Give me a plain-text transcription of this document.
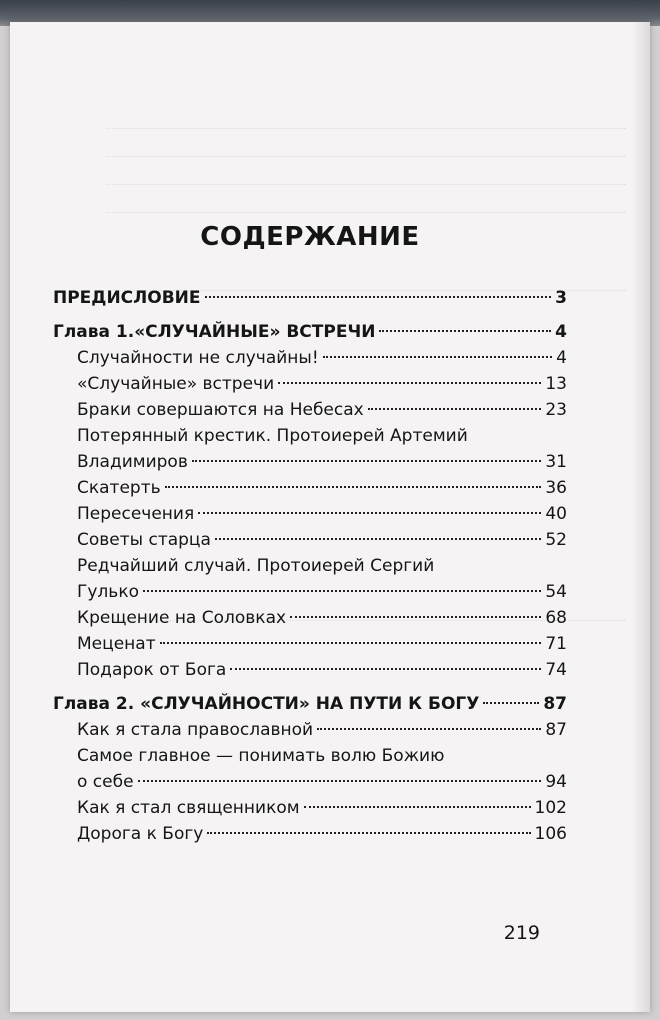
СОДЕРЖАНИЕ
ПРЕДИСЛОВИЕ	3
Глава 1.«СЛУЧАЙНЫЕ» ВСТРЕЧИ	4
Случайности не случайны!	4
«Случайные» встречи	13
Браки совершаются на Небесах	23
Потерянный крестик. Протоиерей Артемий
Владимиров	31
Скатерть	36
Пересечения	40
Советы старца	52
Редчайший случай. Протоиерей Сергий
Гулько	54
Крещение на Соловках	68
Меценат	71
Подарок от Бога	74
Глава 2. «СЛУЧАЙНОСТИ» НА ПУТИ К БОГУ	87
Как я стала православной	87
Самое главное — понимать волю Божию
о себе	94
Как я стал священником	102
Дорога к Богу	106
219
